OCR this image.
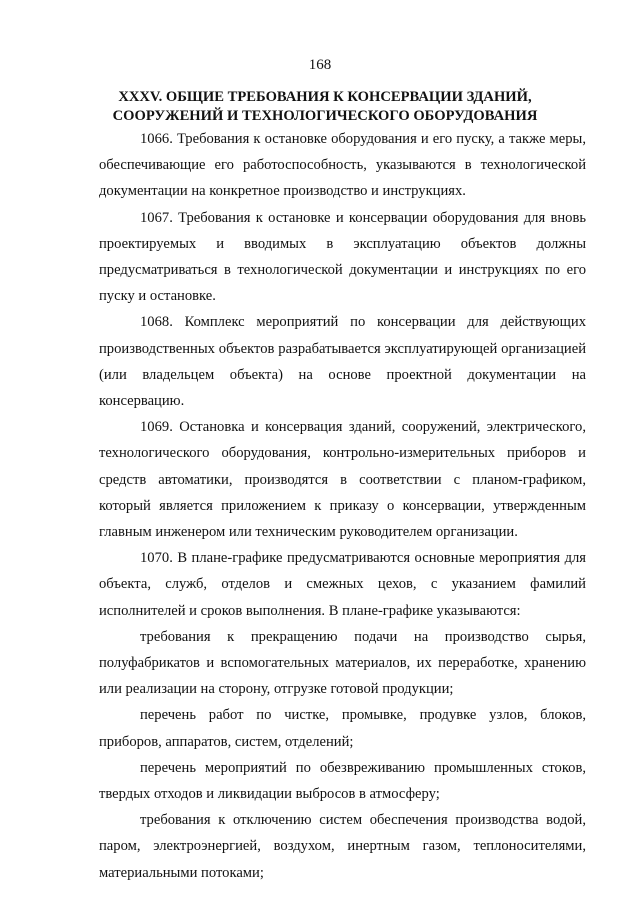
168
XXXV. ОБЩИЕ ТРЕБОВАНИЯ К КОНСЕРВАЦИИ ЗДАНИЙ,
СООРУЖЕНИЙ И ТЕХНОЛОГИЧЕСКОГО ОБОРУДОВАНИЯ

1066. Требования к остановке оборудования и его пуску, а также меры, обеспечивающие его работоспособность, указываются в технологической документации на конкретное производство и инструкциях.

1067. Требования к остановке и консервации оборудования для вновь проектируемых и вводимых в эксплуатацию объектов должны предусматриваться в технологической документации и инструкциях по его пуску и остановке.

1068. Комплекс мероприятий по консервации для действующих производственных объектов разрабатывается эксплуатирующей организацией (или владельцем объекта) на основе проектной документации на консервацию.

1069. Остановка и консервация зданий, сооружений, электрического, технологического оборудования, контрольно-измерительных приборов и средств автоматики, производятся в соответствии с планом-графиком, который является приложением к приказу о консервации, утвержденным главным инженером или техническим руководителем организации.

1070. В плане-графике предусматриваются основные мероприятия для объекта, служб, отделов и смежных цехов, с указанием фамилий исполнителей и сроков выполнения. В плане-графике указываются:

требования к прекращению подачи на производство сырья, полуфабрикатов и вспомогательных материалов, их переработке, хранению или реализации на сторону, отгрузке готовой продукции;

перечень работ по чистке, промывке, продувке узлов, блоков, приборов, аппаратов, систем, отделений;

перечень мероприятий по обезвреживанию промышленных стоков, твердых отходов и ликвидации выбросов в атмосферу;

требования к отключению систем обеспечения производства водой, паром, электроэнергией, воздухом, инертным газом, теплоносителями, материальными потоками;
